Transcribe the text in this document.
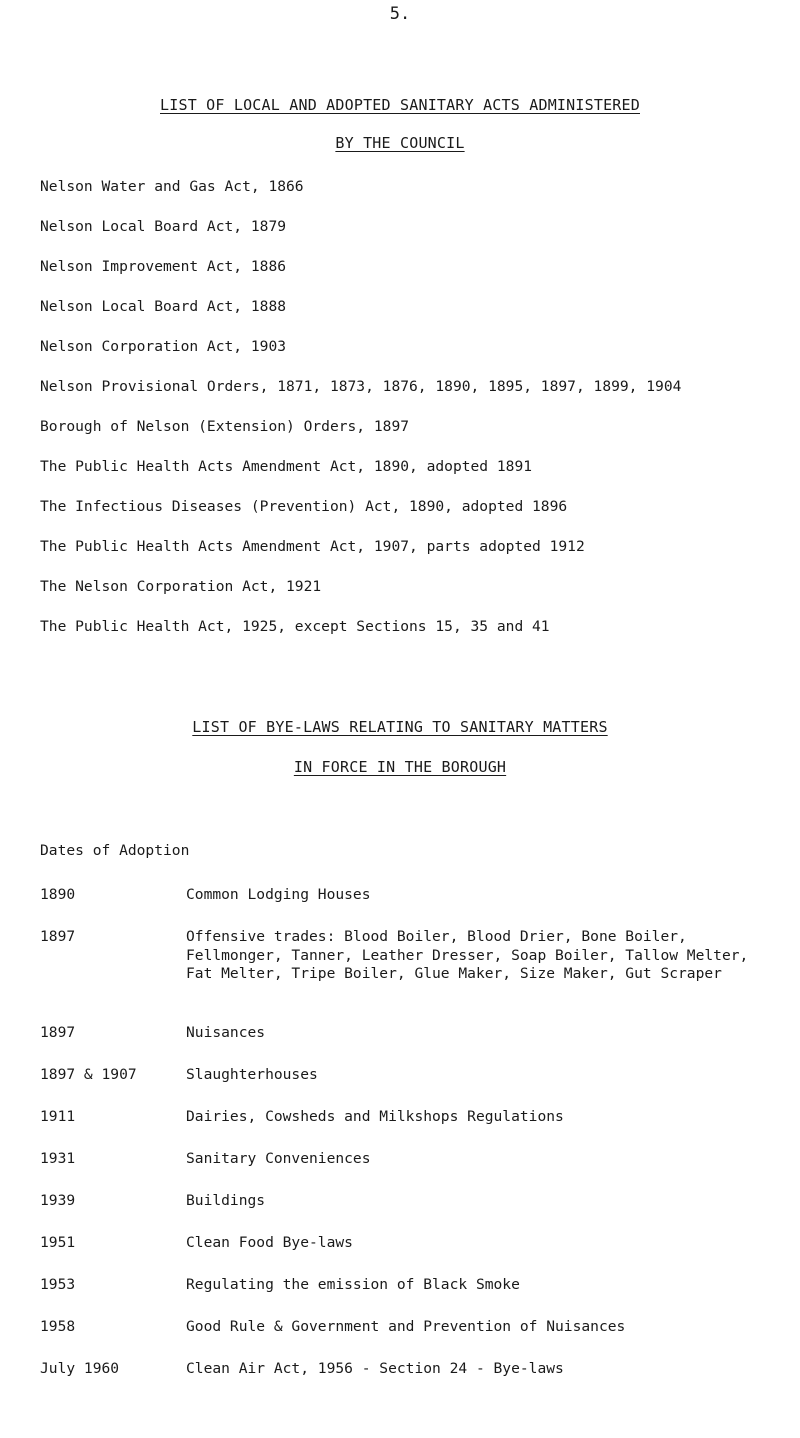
5.
LIST OF LOCAL AND ADOPTED SANITARY ACTS ADMINISTERED
BY THE COUNCIL
Nelson Water and Gas Act, 1866
Nelson Local Board Act, 1879
Nelson Improvement Act, 1886
Nelson Local Board Act, 1888
Nelson Corporation Act, 1903
Nelson Provisional Orders, 1871, 1873, 1876, 1890, 1895, 1897, 1899, 1904
Borough of Nelson (Extension) Orders, 1897
The Public Health Acts Amendment Act, 1890, adopted 1891
The Infectious Diseases (Prevention) Act, 1890, adopted 1896
The Public Health Acts Amendment Act, 1907, parts adopted 1912
The Nelson Corporation Act, 1921
The Public Health Act, 1925, except Sections 15, 35 and 41
LIST OF BYE-LAWS RELATING TO SANITARY MATTERS
IN FORCE IN THE BOROUGH
Dates of Adoption
1890	Common Lodging Houses
1897	Offensive trades: Blood Boiler, Blood Drier, Bone Boiler, Fellmonger, Tanner, Leather Dresser, Soap Boiler, Tallow Melter, Fat Melter, Tripe Boiler, Glue Maker, Size Maker, Gut Scraper
1897	Nuisances
1897 & 1907	Slaughterhouses
1911	Dairies, Cowsheds and Milkshops Regulations
1931	Sanitary Conveniences
1939	Buildings
1951	Clean Food Bye-laws
1953	Regulating the emission of Black Smoke
1958	Good Rule & Government and Prevention of Nuisances
July 1960	Clean Air Act, 1956 - Section 24 - Bye-laws
